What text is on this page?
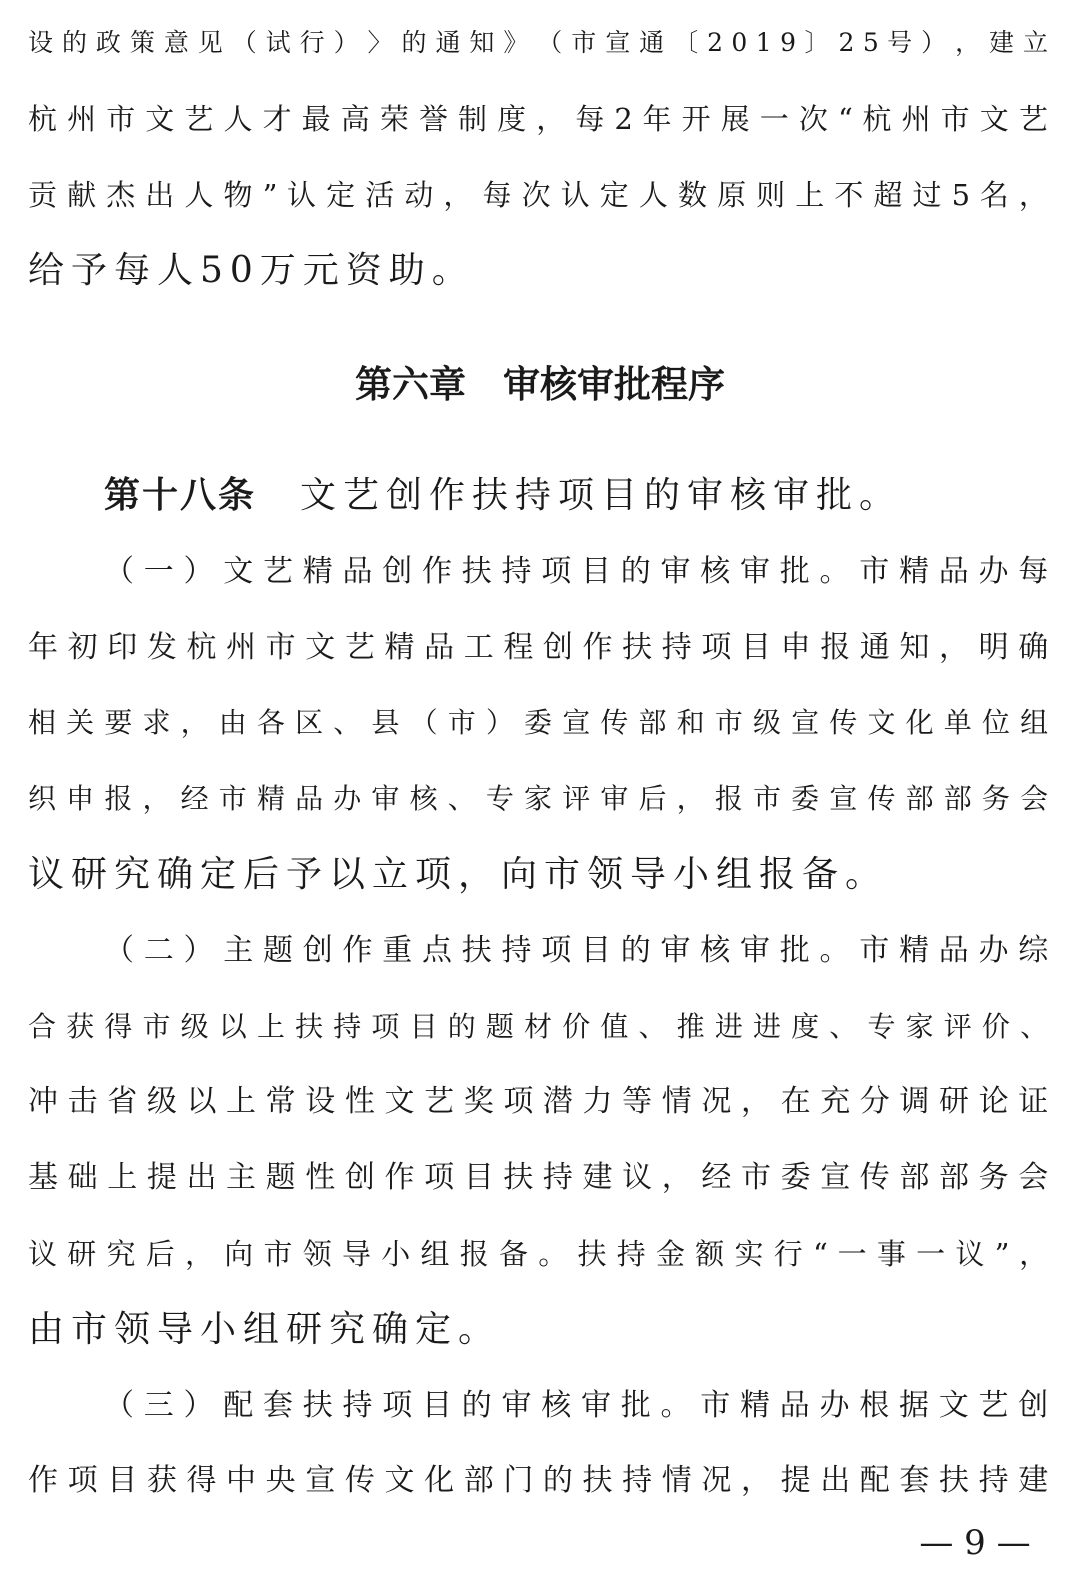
设 的 政 策 意 见 （ 试 行 ） 〉 的 通 知 》 （ 市 宣 通 〔 2 0 1 9 〕 2 5 号 ） ， 建 立
杭 州 市 文 艺 人 才 最 高 荣 誉 制 度 ， 每 2 年 开 展 一 次 “ 杭 州 市 文 艺
贡 献 杰 出 人 物 ” 认 定 活 动 ， 每 次 认 定 人 数 原 则 上 不 超 过 5 名 ，
给予每人50万元资助。
第六章　审核审批程序
第十八条 文艺创作扶持项目的审核审批。
（ 一 ） 文 艺 精 品 创 作 扶 持 项 目 的 审 核 审 批 。 市 精 品 办 每
年 初 印 发 杭 州 市 文 艺 精 品 工 程 创 作 扶 持 项 目 申 报 通 知 ， 明 确
相 关 要 求 ， 由 各 区 、 县 （ 市 ） 委 宣 传 部 和 市 级 宣 传 文 化 单 位 组
织 申 报 ， 经 市 精 品 办 审 核 、 专 家 评 审 后 ， 报 市 委 宣 传 部 部 务 会
议研究确定后予以立项，向市领导小组报备。
（ 二 ） 主 题 创 作 重 点 扶 持 项 目 的 审 核 审 批 。 市 精 品 办 综
合 获 得 市 级 以 上 扶 持 项 目 的 题 材 价 值 、 推 进 进 度 、 专 家 评 价 、
冲 击 省 级 以 上 常 设 性 文 艺 奖 项 潜 力 等 情 况 ， 在 充 分 调 研 论 证
基 础 上 提 出 主 题 性 创 作 项 目 扶 持 建 议 ， 经 市 委 宣 传 部 部 务 会
议 研 究 后 ， 向 市 领 导 小 组 报 备 。 扶 持 金 额 实 行 “ 一 事 一 议 ” ，
由市领导小组研究确定。
（ 三 ） 配 套 扶 持 项 目 的 审 核 审 批 。 市 精 品 办 根 据 文 艺 创
作 项 目 获 得 中 央 宣 传 文 化 部 门 的 扶 持 情 况 ， 提 出 配 套 扶 持 建
— 9 —
